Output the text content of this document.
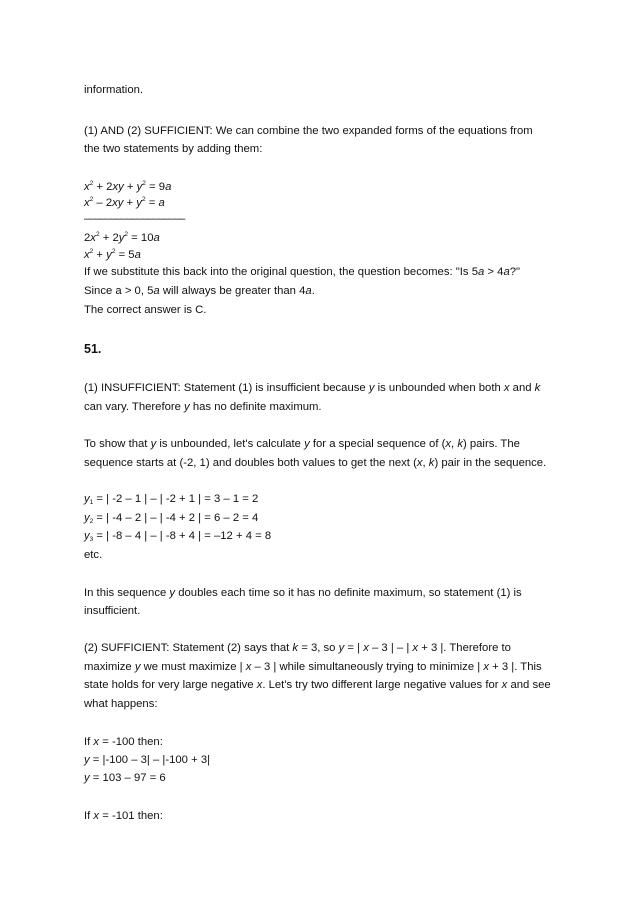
information.

(1) AND (2) SUFFICIENT: We can combine the two expanded forms of the equations from

the two statements by adding them:

$x^2 + 2xy + y^2 = 9a$

$x^2 - 2xy + y^2 = a$

–––––––––––––––––––

$2x^2 + 2y^2 = 10a$

$x^2 + y^2 = 5a$

If we substitute this back into the original question, the question becomes: "Is 5a > 4a?"

Since a > 0, 5a will always be greater than 4a.

The correct answer is C.

51.

(1) INSUFFICIENT: Statement (1) is insufficient because y is unbounded when both x and k

can vary. Therefore y has no definite maximum.

To show that y is unbounded, let's calculate y for a special sequence of (x, k) pairs. The

sequence starts at (-2, 1) and doubles both values to get the next (x, k) pair in the sequence.

$y_1$ = | -2 – 1 | – | -2 + 1 | = 3 – 1 = 2

$y_2$ = | -4 – 2 | – | -4 + 2 | = 6 – 2 = 4

$y_3$ = | -8 – 4 | – | -8 + 4 | = –12 + 4 = 8

etc.

In this sequence y doubles each time so it has no definite maximum, so statement (1) is

insufficient.

(2) SUFFICIENT: Statement (2) says that k = 3, so y = | x – 3 | – | x + 3 |. Therefore to

maximize y we must maximize | x – 3 | while simultaneously trying to minimize | x + 3 |. This

state holds for very large negative x. Let's try two different large negative values for x and see

what happens:

If x = -100 then:

y = |-100 – 3| – |-100 + 3|

y = 103 – 97 = 6

If x = -101 then:
